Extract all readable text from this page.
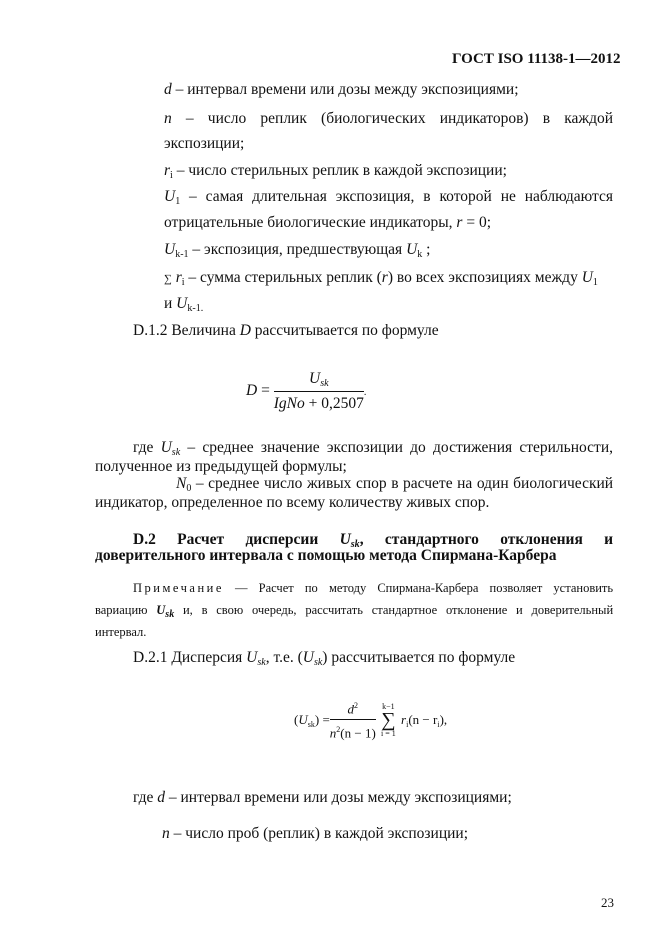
ГОСТ ISO 11138-1—2012
d – интервал времени или дозы между экспозициями;
n – число реплик (биологических индикаторов) в каждой
экспозиции;
$r_i$ – число стерильных реплик в каждой экспозиции;
$U_1$ – самая длительная экспозиция, в которой не наблюдаются
отрицательные биологические индикаторы, r = 0;
$U_{k-1}$ – экспозиция, предшествующая $U_k$ ;
∑ $r_i$ – сумма стерильных реплик (r) во всех экспозициях между $U_1$
и $U_{k-1.}$
D.1.2 Величина D рассчитывается по формуле
$D = \frac{U_{sk}}{\text{IgNo + 0,2507}}$ .
где $U_{sk}$ – среднее значение экспозиции до достижения стерильности,
полученное из предыдущей формулы;
$N_0$ – среднее число живых спор в расчете на один биологический
индикатор, определенное по всему количеству живых спор.
D.2 Расчет дисперсии $U_{sk}$, стандартного отклонения и
доверительного интервала с помощью метода Спирмана-Карбера
Примечание — Расчет по методу Спирмана-Карбера позволяет установить
вариацию $U_{sk}$ и, в свою очередь, рассчитать стандартное отклонение и доверительный
интервал.
D.2.1 Дисперсия $U_{sk}$, т.е. $(U_{sk})$ рассчитывается по формуле
$(U_{sk}) = \frac{d^2}{n^2(n - 1)}$
k−1
∑
i = 1
$r_i(n - r_i)$,
где d – интервал времени или дозы между экспозициями;
n – число проб (реплик) в каждой экспозиции;
23
